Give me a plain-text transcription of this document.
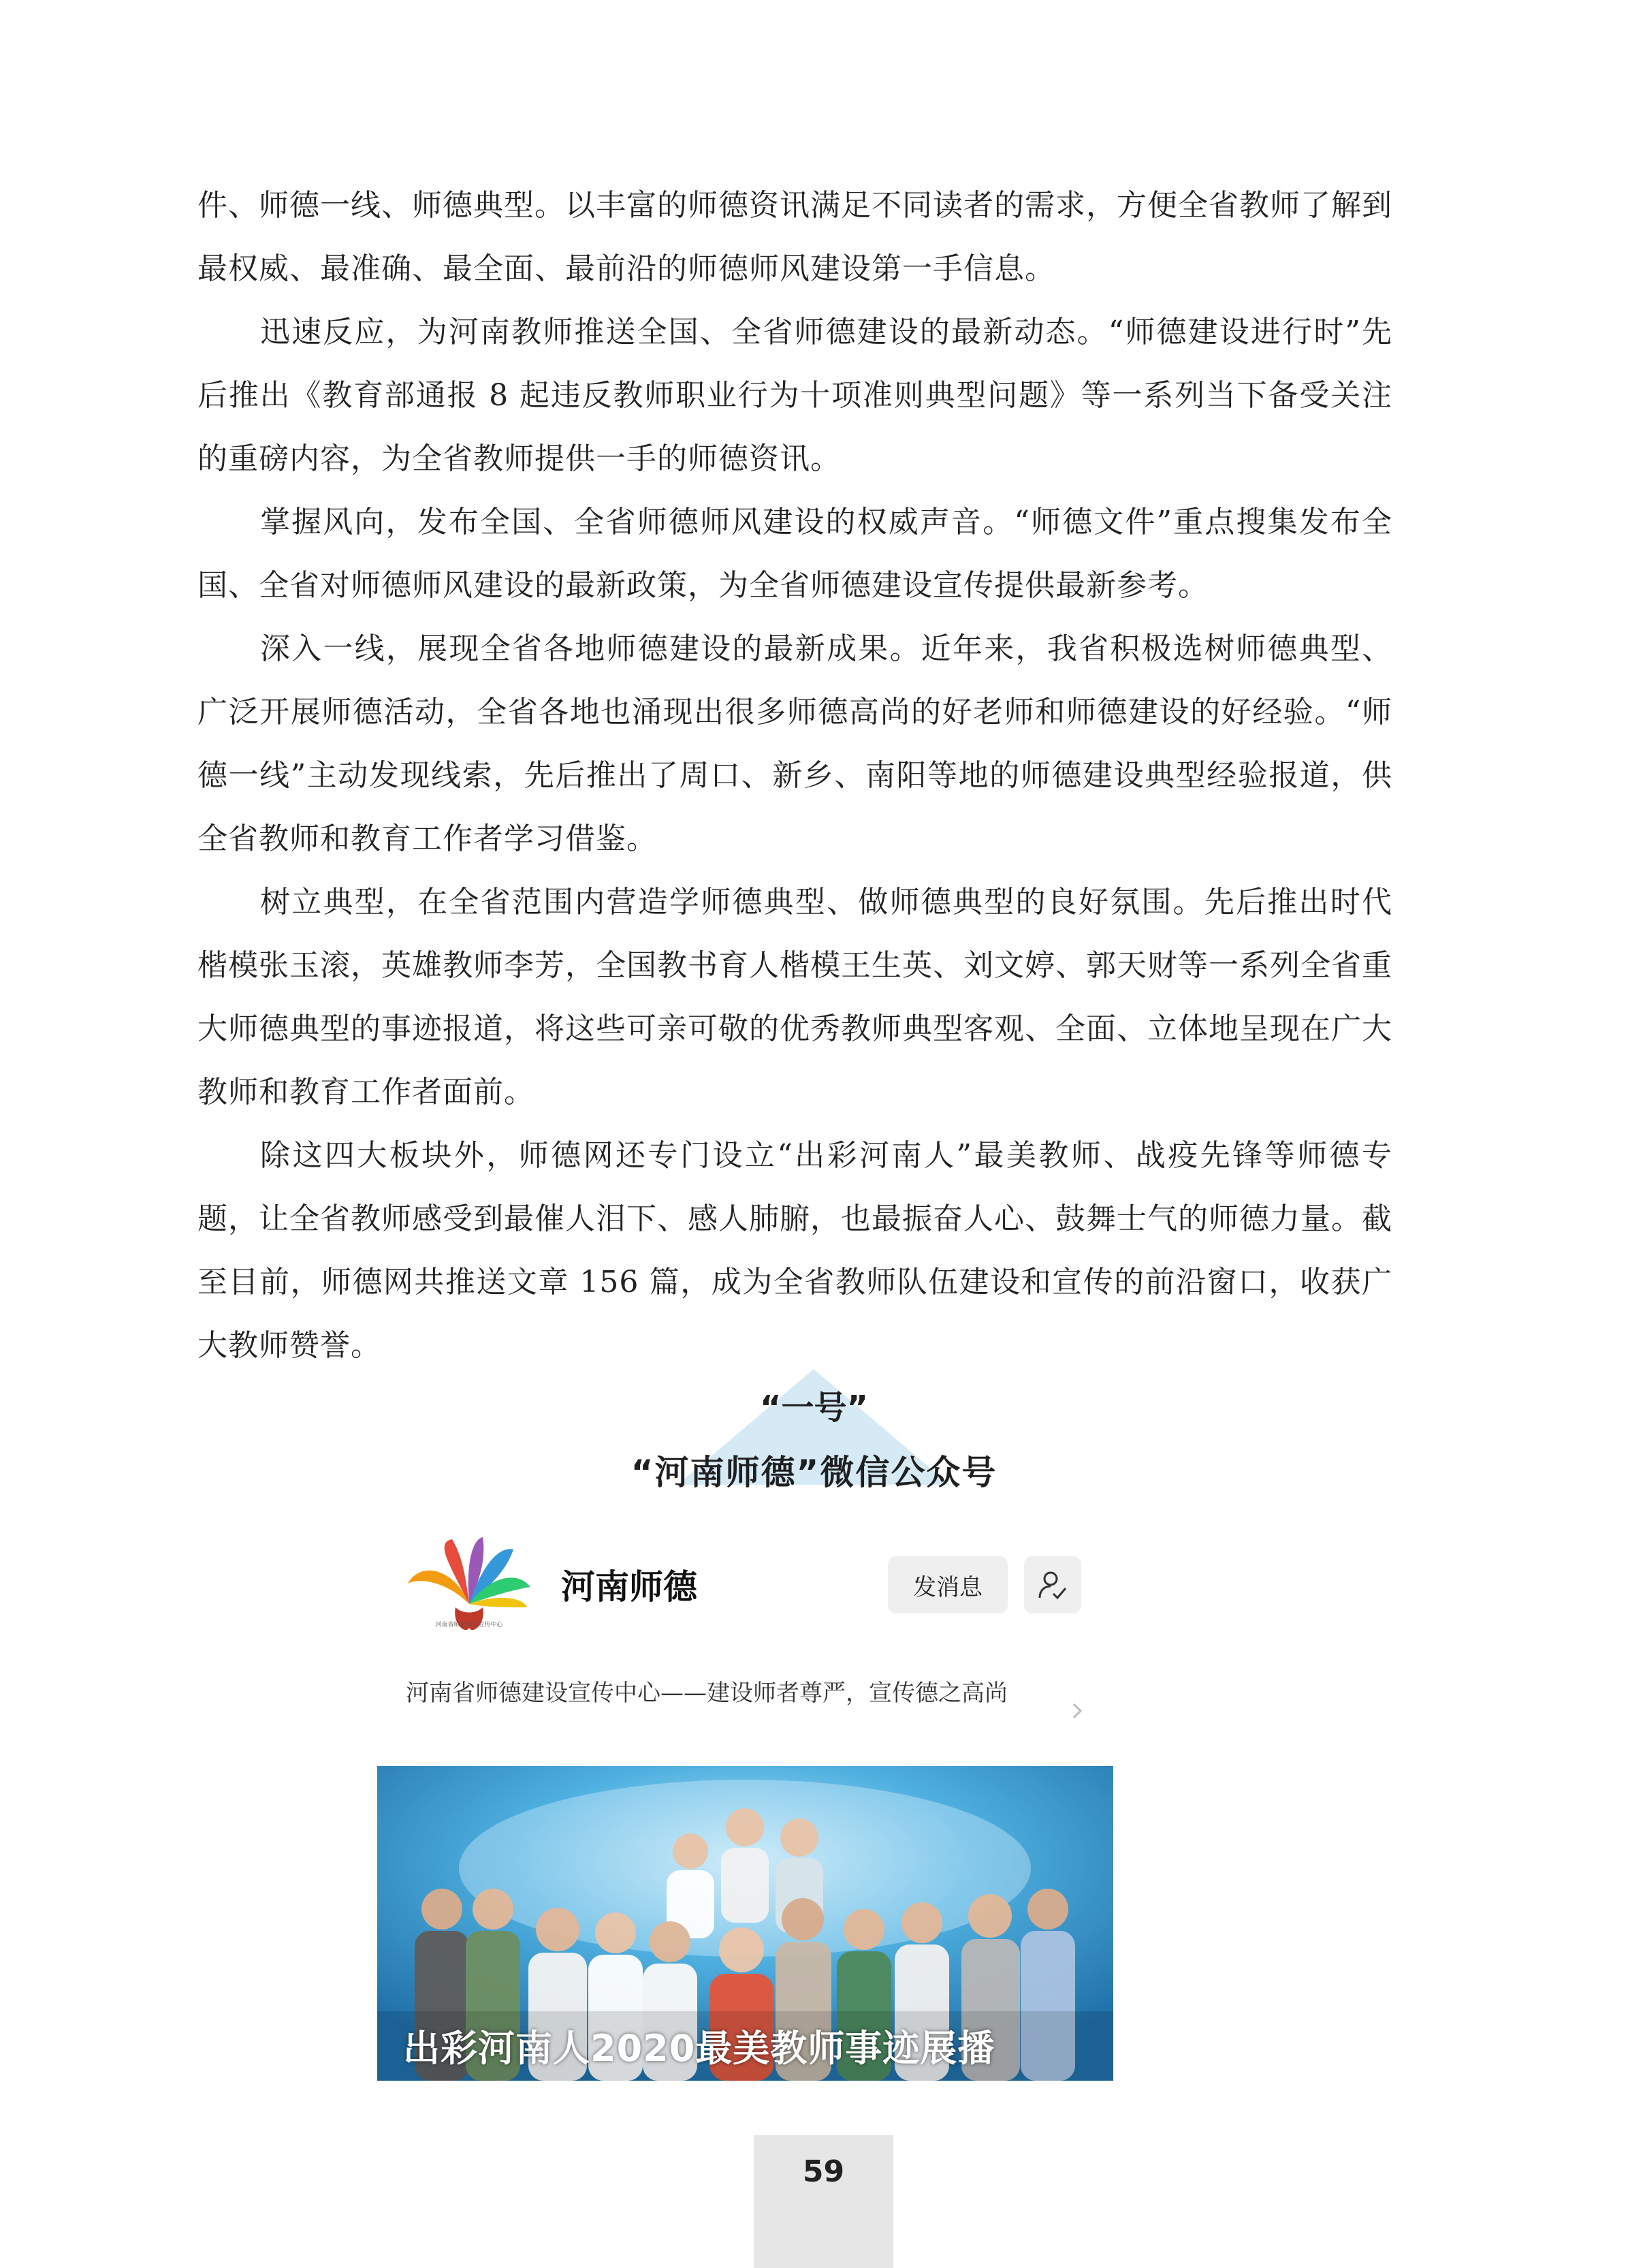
件、师德一线、师德典型。以丰富的师德资讯满足不同读者的需求，方便全省教师了解到最权威、最准确、最全面、最前沿的师德师风建设第一手信息。

迅速反应，为河南教师推送全国、全省师德建设的最新动态。“师德建设进行时”先后推出《教育部通报 8 起违反教师职业行为十项准则典型问题》等一系列当下备受关注的重磅内容，为全省教师提供一手的师德资讯。

掌握风向，发布全国、全省师德师风建设的权威声音。“师德文件”重点搜集发布全国、全省对师德师风建设的最新政策，为全省师德建设宣传提供最新参考。

深入一线，展现全省各地师德建设的最新成果。近年来，我省积极选树师德典型、广泛开展师德活动，全省各地也涌现出很多师德高尚的好老师和师德建设的好经验。“师德一线”主动发现线索，先后推出了周口、新乡、南阳等地的师德建设典型经验报道，供全省教师和教育工作者学习借鉴。

树立典型，在全省范围内营造学师德典型、做师德典型的良好氛围。先后推出时代楷模张玉滚，英雄教师李芳，全国教书育人楷模王生英、刘文婷、郭天财等一系列全省重大师德典型的事迹报道，将这些可亲可敬的优秀教师典型客观、全面、立体地呈现在广大教师和教育工作者面前。

除这四大板块外，师德网还专门设立“出彩河南人”最美教师、战疫先锋等师德专题，让全省教师感受到最催人泪下、感人肺腑，也最振奋人心、鼓舞士气的师德力量。截至目前，师德网共推送文章 156 篇，成为全省教师队伍建设和宣传的前沿窗口，收获广大教师赞誉。

“一号”
“河南师德”微信公众号
河南省师德建设宣传中心
河南师德	发消息
河南省师德建设宣传中心——建设师者尊严，宣传德之高尚
出彩河南人2020最美教师事迹展播
59
